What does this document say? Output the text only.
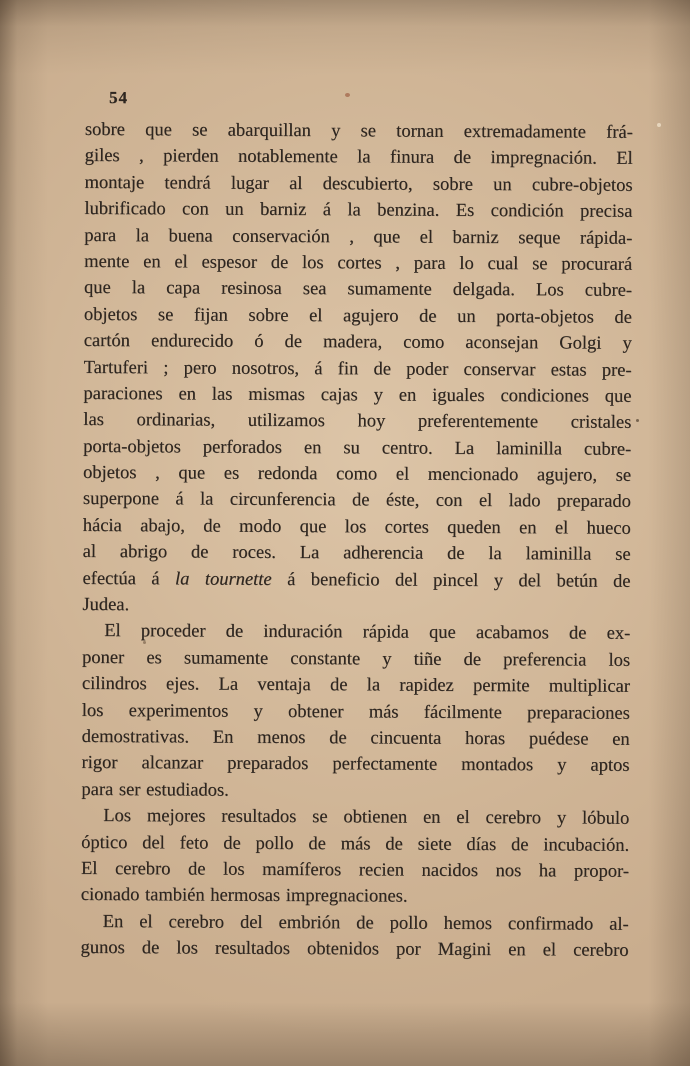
54
sobre que se abarquillan y se tornan extremadamente frá-
giles , pierden notablemente la finura de impregnación. El
montaje tendrá lugar al descubierto, sobre un cubre-objetos
lubrificado con un barniz á la benzina. Es condición precisa
para la buena conservación , que el barniz seque rápida-
mente en el espesor de los cortes , para lo cual se procurará
que la capa resinosa sea sumamente delgada. Los cubre-
objetos se fijan sobre el agujero de un porta-objetos de
cartón endurecido ó de madera, como aconsejan Golgi y
Tartuferi ; pero nosotros, á fin de poder conservar estas pre-
paraciones en las mismas cajas y en iguales condiciones que
las ordinarias, utilizamos hoy preferentemente cristales
porta-objetos perforados en su centro. La laminilla cubre-
objetos , que es redonda como el mencionado agujero, se
superpone á la circunferencia de éste, con el lado preparado
hácia abajo, de modo que los cortes queden en el hueco
al abrigo de roces. La adherencia de la laminilla se
efectúa á la tournette á beneficio del pincel y del betún de
Judea.
El proceder de induración rápida que acabamos de ex-
poner es sumamente constante y tiñe de preferencia los
cilindros ejes. La ventaja de la rapidez permite multiplicar
los experimentos y obtener más fácilmente preparaciones
demostrativas. En menos de cincuenta horas puédese en
rigor alcanzar preparados perfectamente montados y aptos
para ser estudiados.
Los mejores resultados se obtienen en el cerebro y lóbulo
óptico del feto de pollo de más de siete días de incubación.
El cerebro de los mamíferos recien nacidos nos ha propor-
cionado también hermosas impregnaciones.
En el cerebro del embrión de pollo hemos confirmado al-
gunos de los resultados obtenidos por Magini en el cerebro
